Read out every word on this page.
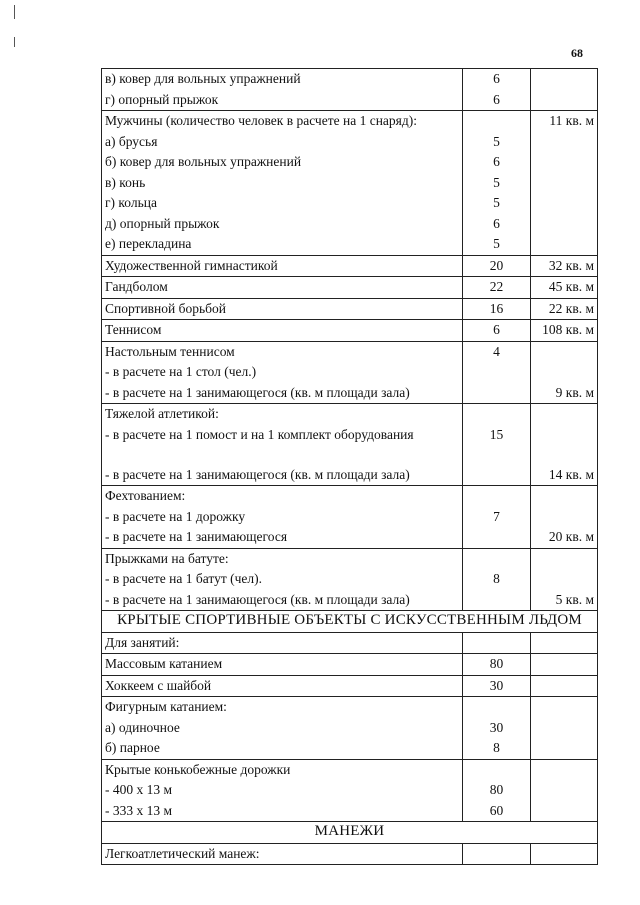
68
в) ковер для вольных упражнений	6	
г) опорный прыжок	6	
Мужчины (количество человек в расчете на 1 снаряд):		11 кв. м
а) брусья	5	
б) ковер для вольных упражнений	6	
в) конь	5	
г) кольца	5	
д) опорный прыжок	6	
е) перекладина	5	
Художественной гимнастикой	20	32 кв. м
Гандболом	22	45 кв. м
Спортивной борьбой	16	22 кв. м
Теннисом	6	108 кв. м
Настольным теннисом	4	
- в расчете на 1 стол (чел.)		
- в расчете на 1 занимающегося (кв. м площади зала)		9 кв. м
Тяжелой атлетикой:		
- в расчете на 1 помост и на 1 комплект оборудования	15	
- в расчете на 1 занимающегося (кв. м площади зала)		14 кв. м
Фехтованием:		
- в расчете на 1 дорожку	7	
- в расчете на 1 занимающегося		20 кв. м
Прыжками на батуте:		
- в расчете на 1 батут (чел).	8	
- в расчете на 1 занимающегося (кв. м площади зала)		5 кв. м
КРЫТЫЕ СПОРТИВНЫЕ ОБЪЕКТЫ С ИСКУССТВЕННЫМ ЛЬДОМ		
Для занятий:		
Массовым катанием	80	
Хоккеем с шайбой	30	
Фигурным катанием:		
а) одиночное	30	
б) парное	8	
Крытые конькобежные дорожки		
- 400 х 13 м	80	
- 333 х 13 м	60	
МАНЕЖИ		
Легкоатлетический манеж:		
